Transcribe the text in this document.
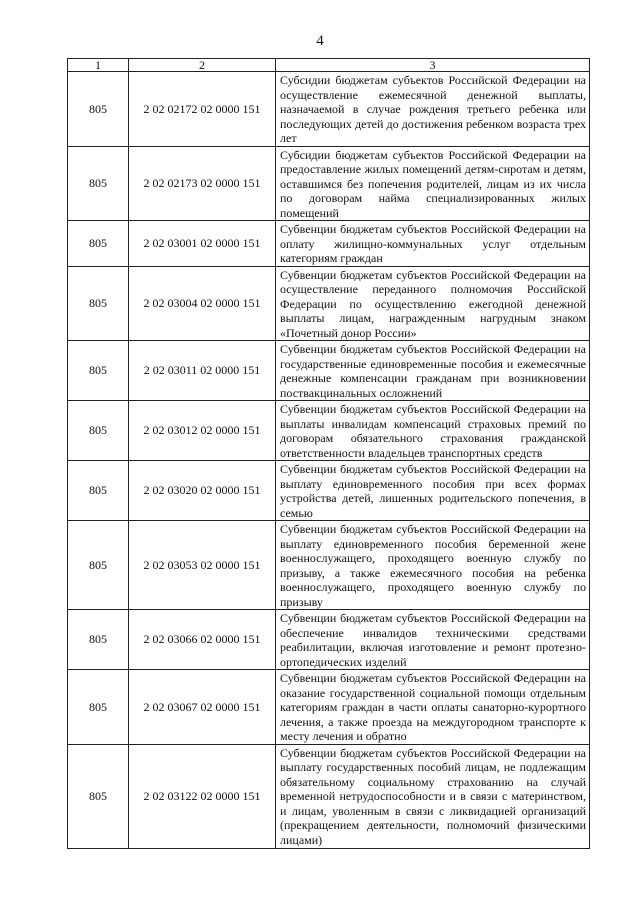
4
1	2	3
805	2 02 02172 02 0000 151	Субсидии бюджетам субъектов Российской Федерации на осуществление ежемесячной денежной выплаты, назначаемой в случае рождения третьего ребенка или последующих детей до достижения ребенком возраста трех лет
805	2 02 02173 02 0000 151	Субсидии бюджетам субъектов Российской Федерации на предоставление жилых помещений детям-сиротам и детям, оставшимся без попечения родителей, лицам из их числа по договорам найма специализированных жилых помещений
805	2 02 03001 02 0000 151	Субвенции бюджетам субъектов Российской Федерации на оплату жилищно-коммунальных услуг отдельным категориям граждан
805	2 02 03004 02 0000 151	Субвенции бюджетам субъектов Российской Федерации на осуществление переданного полномочия Российской Федерации по осуществлению ежегодной денежной выплаты лицам, награжденным нагрудным знаком «Почетный донор России»
805	2 02 03011 02 0000 151	Субвенции бюджетам субъектов Российской Федерации на государственные единовременные пособия и ежемесячные денежные компенсации гражданам при возникновении поствакцинальных осложнений
805	2 02 03012 02 0000 151	Субвенции бюджетам субъектов Российской Федерации на выплаты инвалидам компенсаций страховых премий по договорам обязательного страхования гражданской ответственности владельцев транспортных средств
805	2 02 03020 02 0000 151	Субвенции бюджетам субъектов Российской Федерации на выплату единовременного пособия при всех формах устройства детей, лишенных родительского попечения, в семью
805	2 02 03053 02 0000 151	Субвенции бюджетам субъектов Российской Федерации на выплату единовременного пособия беременной жене военнослужащего, проходящего военную службу по призыву, а также ежемесячного пособия на ребенка военнослужащего, проходящего военную службу по призыву
805	2 02 03066 02 0000 151	Субвенции бюджетам субъектов Российской Федерации на обеспечение инвалидов техническими средствами реабилитации, включая изготовление и ремонт протезно-ортопедических изделий
805	2 02 03067 02 0000 151	Субвенции бюджетам субъектов Российской Федерации на оказание государственной социальной помощи отдельным категориям граждан в части оплаты санаторно-курортного лечения, а также проезда на междугородном транспорте к месту лечения и обратно
805	2 02 03122 02 0000 151	Субвенции бюджетам субъектов Российской Федерации на выплату государственных пособий лицам, не подлежащим обязательному социальному страхованию на случай временной нетрудоспособности и в связи с материнством, и лицам, уволенным в связи с ликвидацией организаций (прекращением деятельности, полномочий физическими лицами)
